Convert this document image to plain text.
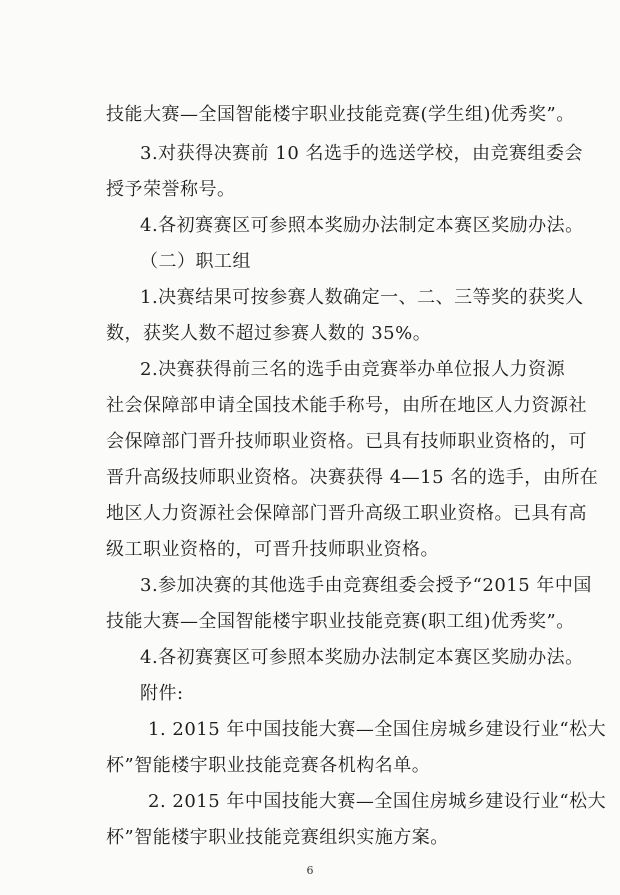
技能大赛—全国智能楼宇职业技能竞赛(学生组)优秀奖”。
3.对获得决赛前 10 名选手的选送学校，由竞赛组委会
授予荣誉称号。
4.各初赛赛区可参照本奖励办法制定本赛区奖励办法。
（二）职工组
1.决赛结果可按参赛人数确定一、二、三等奖的获奖人
数，获奖人数不超过参赛人数的 35%。
2.决赛获得前三名的选手由竞赛举办单位报人力资源
社会保障部申请全国技术能手称号，由所在地区人力资源社
会保障部门晋升技师职业资格。已具有技师职业资格的，可
晋升高级技师职业资格。决赛获得 4—15 名的选手，由所在
地区人力资源社会保障部门晋升高级工职业资格。已具有高
级工职业资格的，可晋升技师职业资格。
3.参加决赛的其他选手由竞赛组委会授予“2015 年中国
技能大赛—全国智能楼宇职业技能竞赛(职工组)优秀奖”。
4.各初赛赛区可参照本奖励办法制定本赛区奖励办法。
附件:
1. 2015 年中国技能大赛—全国住房城乡建设行业“松大
杯”智能楼宇职业技能竞赛各机构名单。
2. 2015 年中国技能大赛—全国住房城乡建设行业“松大
杯”智能楼宇职业技能竞赛组织实施方案。
6
